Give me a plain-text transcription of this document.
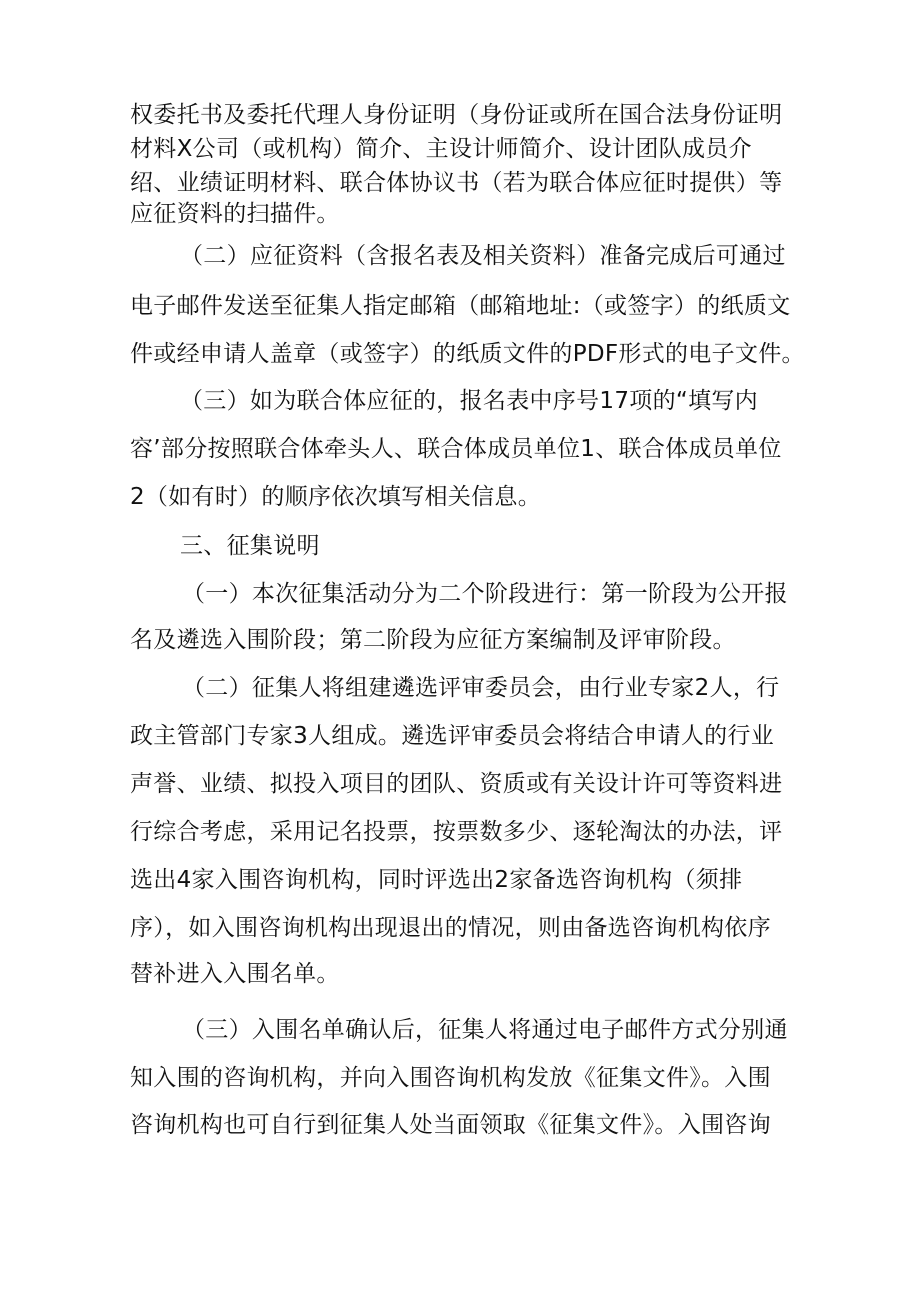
权委托书及委托代理人身份证明（身份证或所在国合法身份证明
材料X公司（或机构）简介、主设计师简介、设计团队成员介
绍、业绩证明材料、联合体协议书（若为联合体应征时提供）等
应征资料的扫描件。
（二）应征资料（含报名表及相关资料）准备完成后可通过
电子邮件发送至征集人指定邮箱（邮箱地址:（或签字）的纸质文
件或经申请人盖章（或签字）的纸质文件的PDF形式的电子文件。
（三）如为联合体应征的，报名表中序号17项的“填写内
容’部分按照联合体牵头人、联合体成员单位1、联合体成员单位
2（如有时）的顺序依次填写相关信息。
三、征集说明
（一）本次征集活动分为二个阶段进行：第一阶段为公开报
名及遴选入围阶段；第二阶段为应征方案编制及评审阶段。
（二）征集人将组建遴选评审委员会，由行业专家2人，行
政主管部门专家3人组成。遴选评审委员会将结合申请人的行业
声誉、业绩、拟投入项目的团队、资质或有关设计许可等资料进
行综合考虑，采用记名投票，按票数多少、逐轮淘汰的办法，评
选出4家入围咨询机构，同时评选出2家备选咨询机构（须排
序），如入围咨询机构出现退出的情况，则由备选咨询机构依序
替补进入入围名单。
（三）入围名单确认后，征集人将通过电子邮件方式分别通
知入围的咨询机构，并向入围咨询机构发放《征集文件》。入围
咨询机构也可自行到征集人处当面领取《征集文件》。入围咨询
